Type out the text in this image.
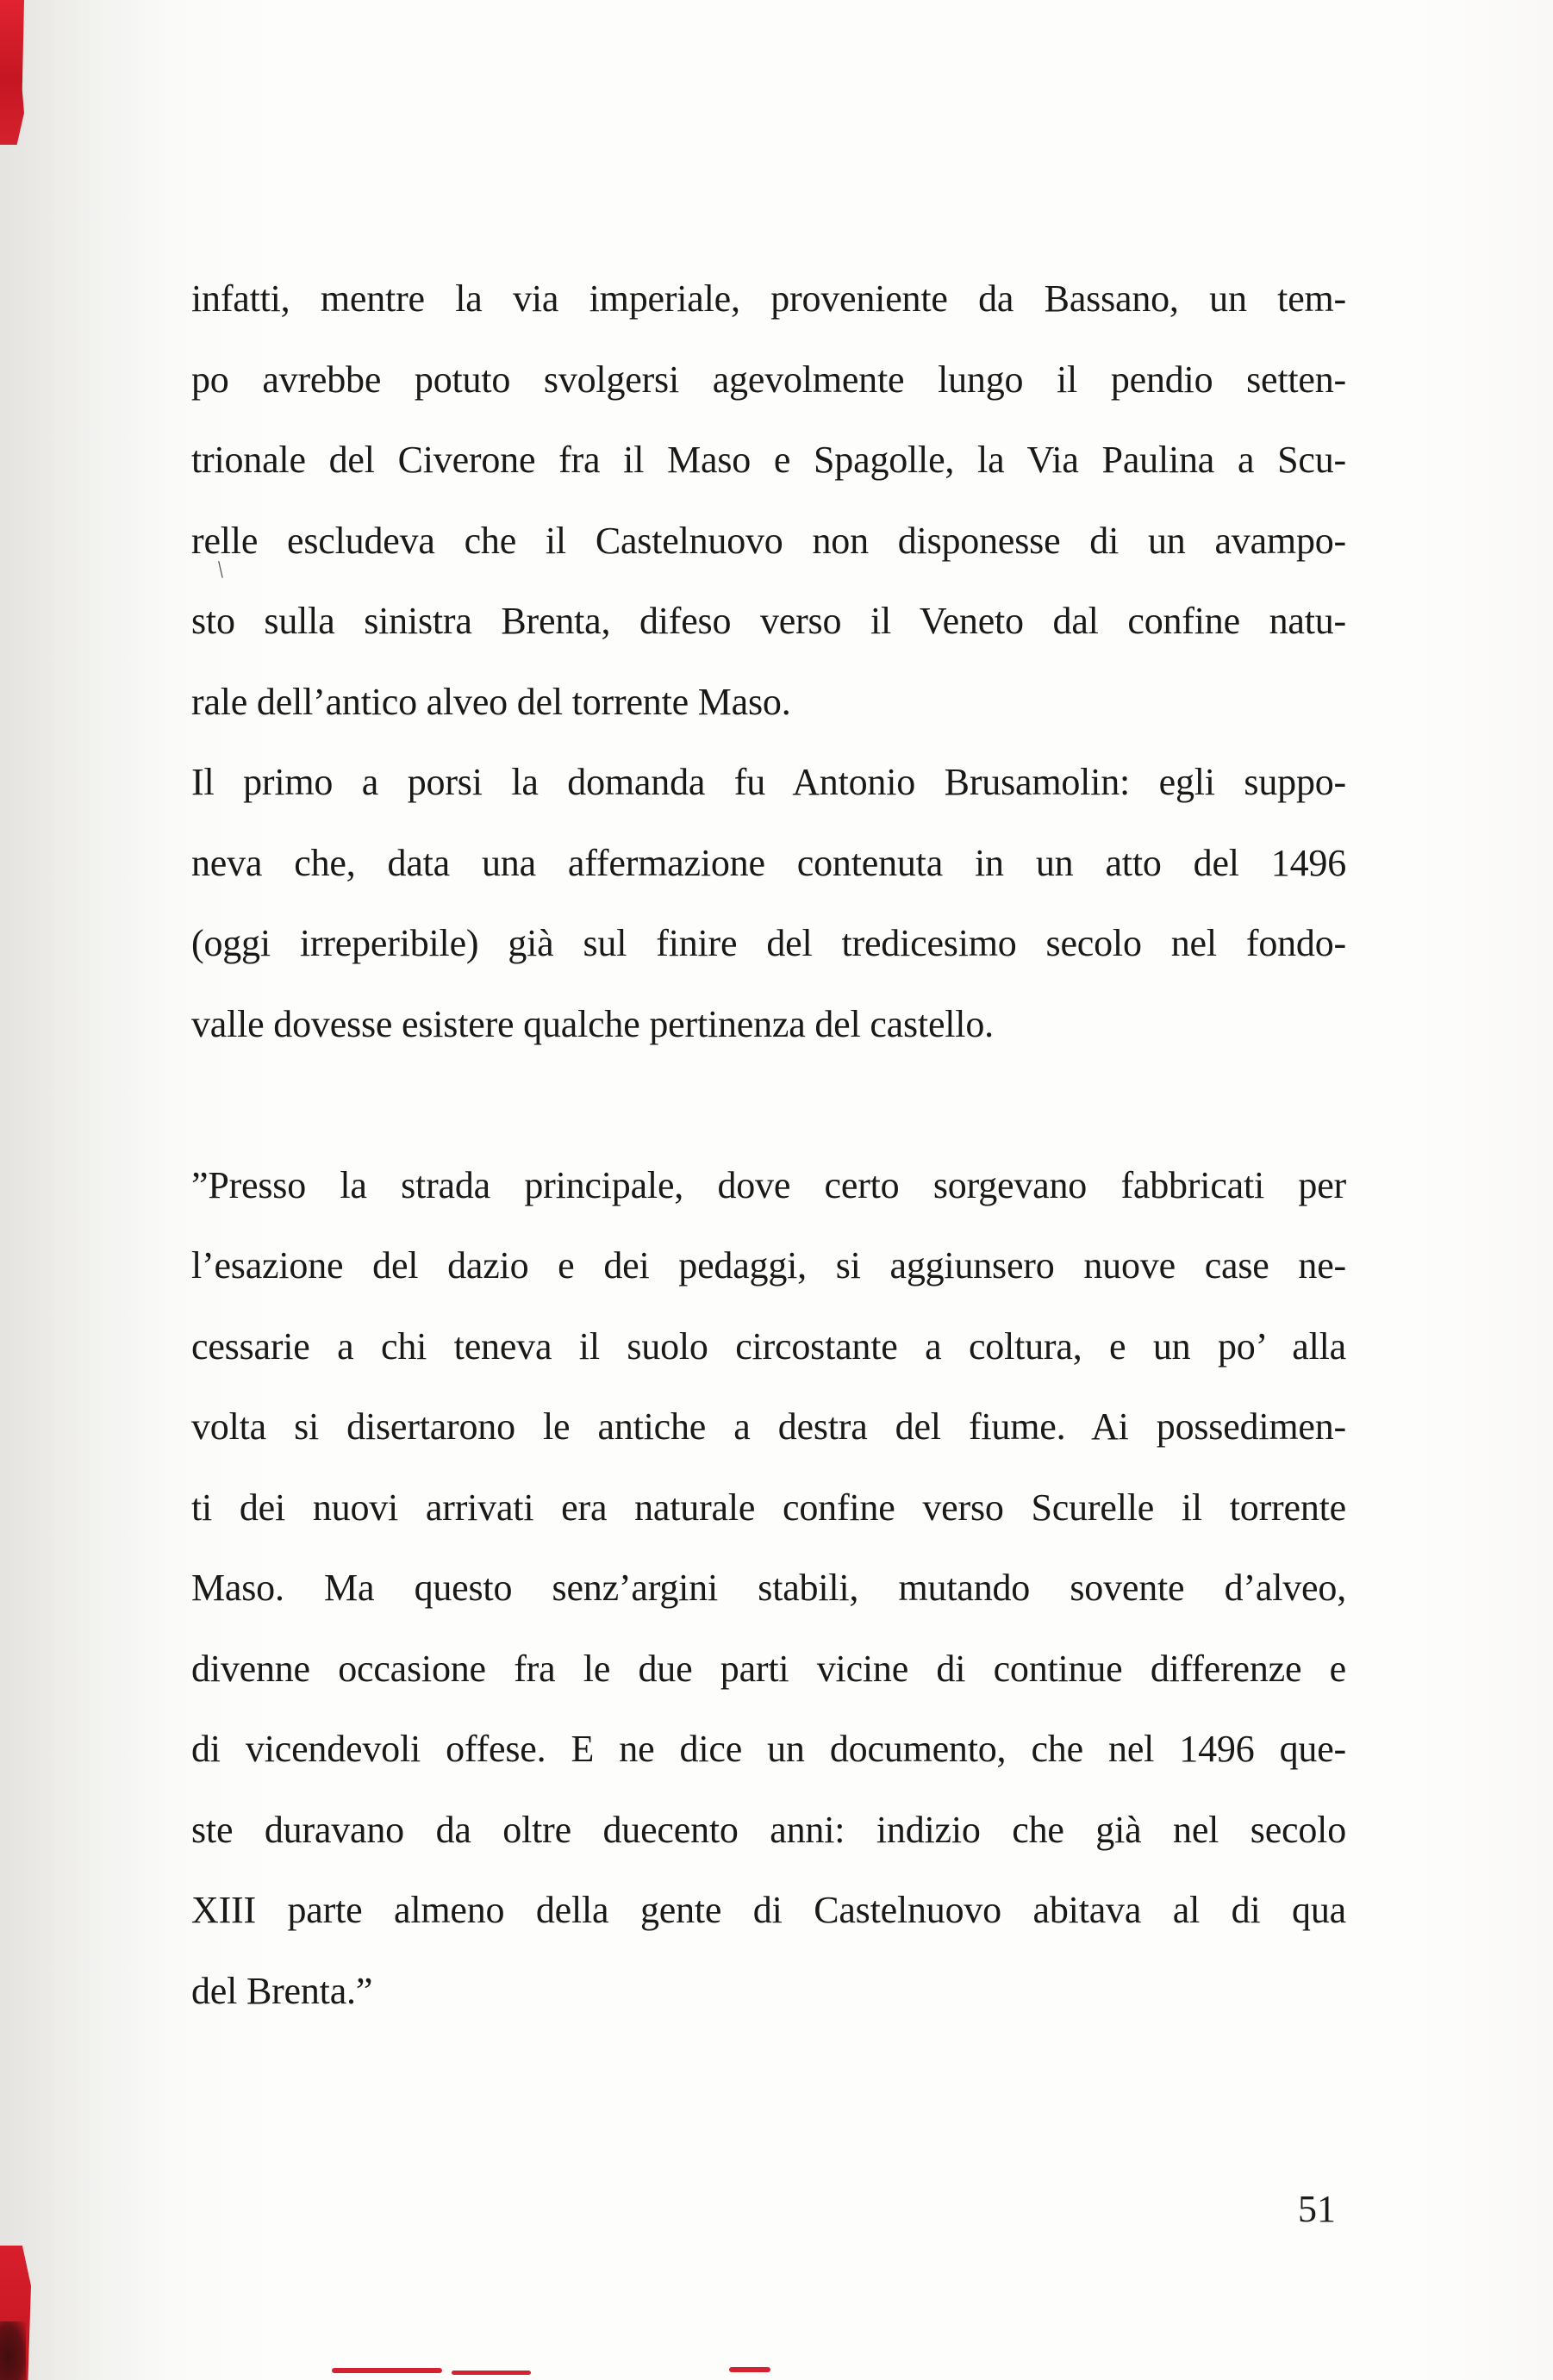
\
infatti, mentre la via imperiale, proveniente da Bassano, un tem-
po avrebbe potuto svolgersi agevolmente lungo il pendio setten-
trionale del Civerone fra il Maso e Spagolle, la Via Paulina a Scu-
relle escludeva che il Castelnuovo non disponesse di un avampo-
sto sulla sinistra Brenta, difeso verso il Veneto dal confine natu-
rale dell’antico alveo del torrente Maso.
Il primo a porsi la domanda fu Antonio Brusamolin: egli suppo-
neva che, data una affermazione contenuta in un atto del 1496
(oggi irreperibile) già sul finire del tredicesimo secolo nel fondo-
valle dovesse esistere qualche pertinenza del castello.
”Presso la strada principale, dove certo sorgevano fabbricati per
l’esazione del dazio e dei pedaggi, si aggiunsero nuove case ne-
cessarie a chi teneva il suolo circostante a coltura, e un po’ alla
volta si disertarono le antiche a destra del fiume. Ai possedimen-
ti dei nuovi arrivati era naturale confine verso Scurelle il torrente
Maso. Ma questo senz’argini stabili, mutando sovente d’alveo,
divenne occasione fra le due parti vicine di continue differenze e
di vicendevoli offese. E ne dice un documento, che nel 1496 que-
ste duravano da oltre duecento anni: indizio che già nel secolo
XIII parte almeno della gente di Castelnuovo abitava al di qua
del Brenta.”
51
